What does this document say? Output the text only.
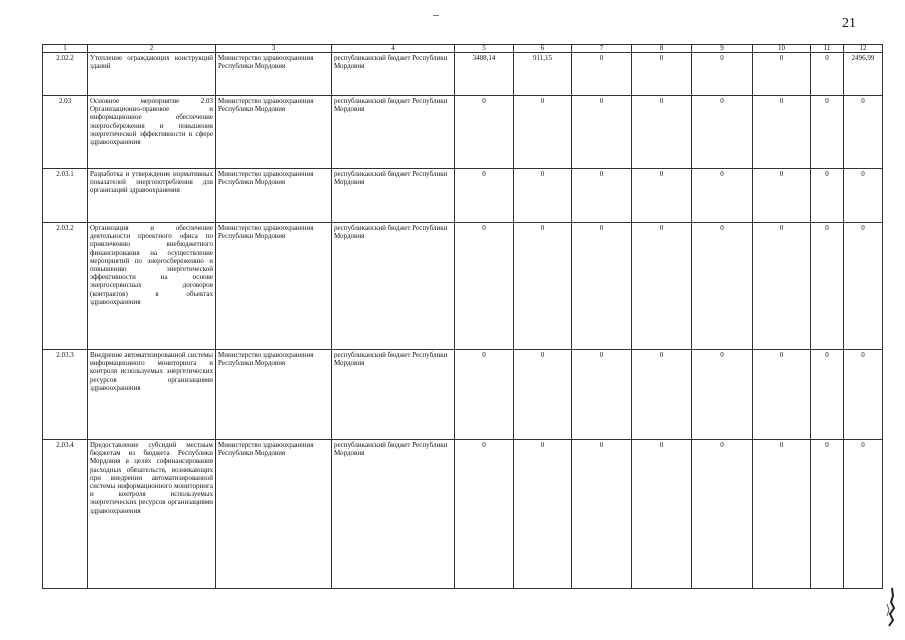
21
1	2	3	4	5	6	7	8	9	10	11	12
2.02.2	Утепление ограждающих конструкций зданий	Министерство здравоохранения Республики Мордовия	республиканский бюджет Республики Мордовия	3408,14	911,15	0	0	0	0	0	2496,99
2.03	Основное мероприятие 2.03 Организационно-правовое и информационное обеспечение энергосбережения и повышения энергетической эффективности в сфере здравоохранения	Министерство здравоохранения Республики Мордовия	республиканский бюджет Республики Мордовия	0	0	0	0	0	0	0	0
2.03.1	Разработка и утверждение нормативных показателей энергопотребления для организаций здравоохранения	Министерство здравоохранения Республики Мордовия	республиканский бюджет Республики Мордовия	0	0	0	0	0	0	0	0
2.03.2	Организация и обеспечение деятельности проектного офиса по привлечению внебюджетного финансирования на осуществление мероприятий по энергосбережению и повышению энергетической эффективности на основе энергосервисных договоров (контрактов) в объектах здравоохранения	Министерство здравоохранения Республики Мордовия	республиканский бюджет Республики Мордовия	0	0	0	0	0	0	0	0
2.03.3	Внедрение автоматизированной системы информационного мониторинга и контроля используемых энергетических ресурсов организациями здравоохранения	Министерство здравоохранения Республики Мордовия	республиканский бюджет Республики Мордовия	0	0	0	0	0	0	0	0
2.03.4	Предоставление субсидий местным бюджетам из бюджета Республики Мордовия в целях софинансирования расходных обязательств, возникающих при внедрении автоматизированной системы информационного мониторинга и контроля используемых энергетических ресурсов организациями здравоохранения	Министерство здравоохранения Республики Мордовия	республиканский бюджет Республики Мордовия	0	0	0	0	0	0	0	0
